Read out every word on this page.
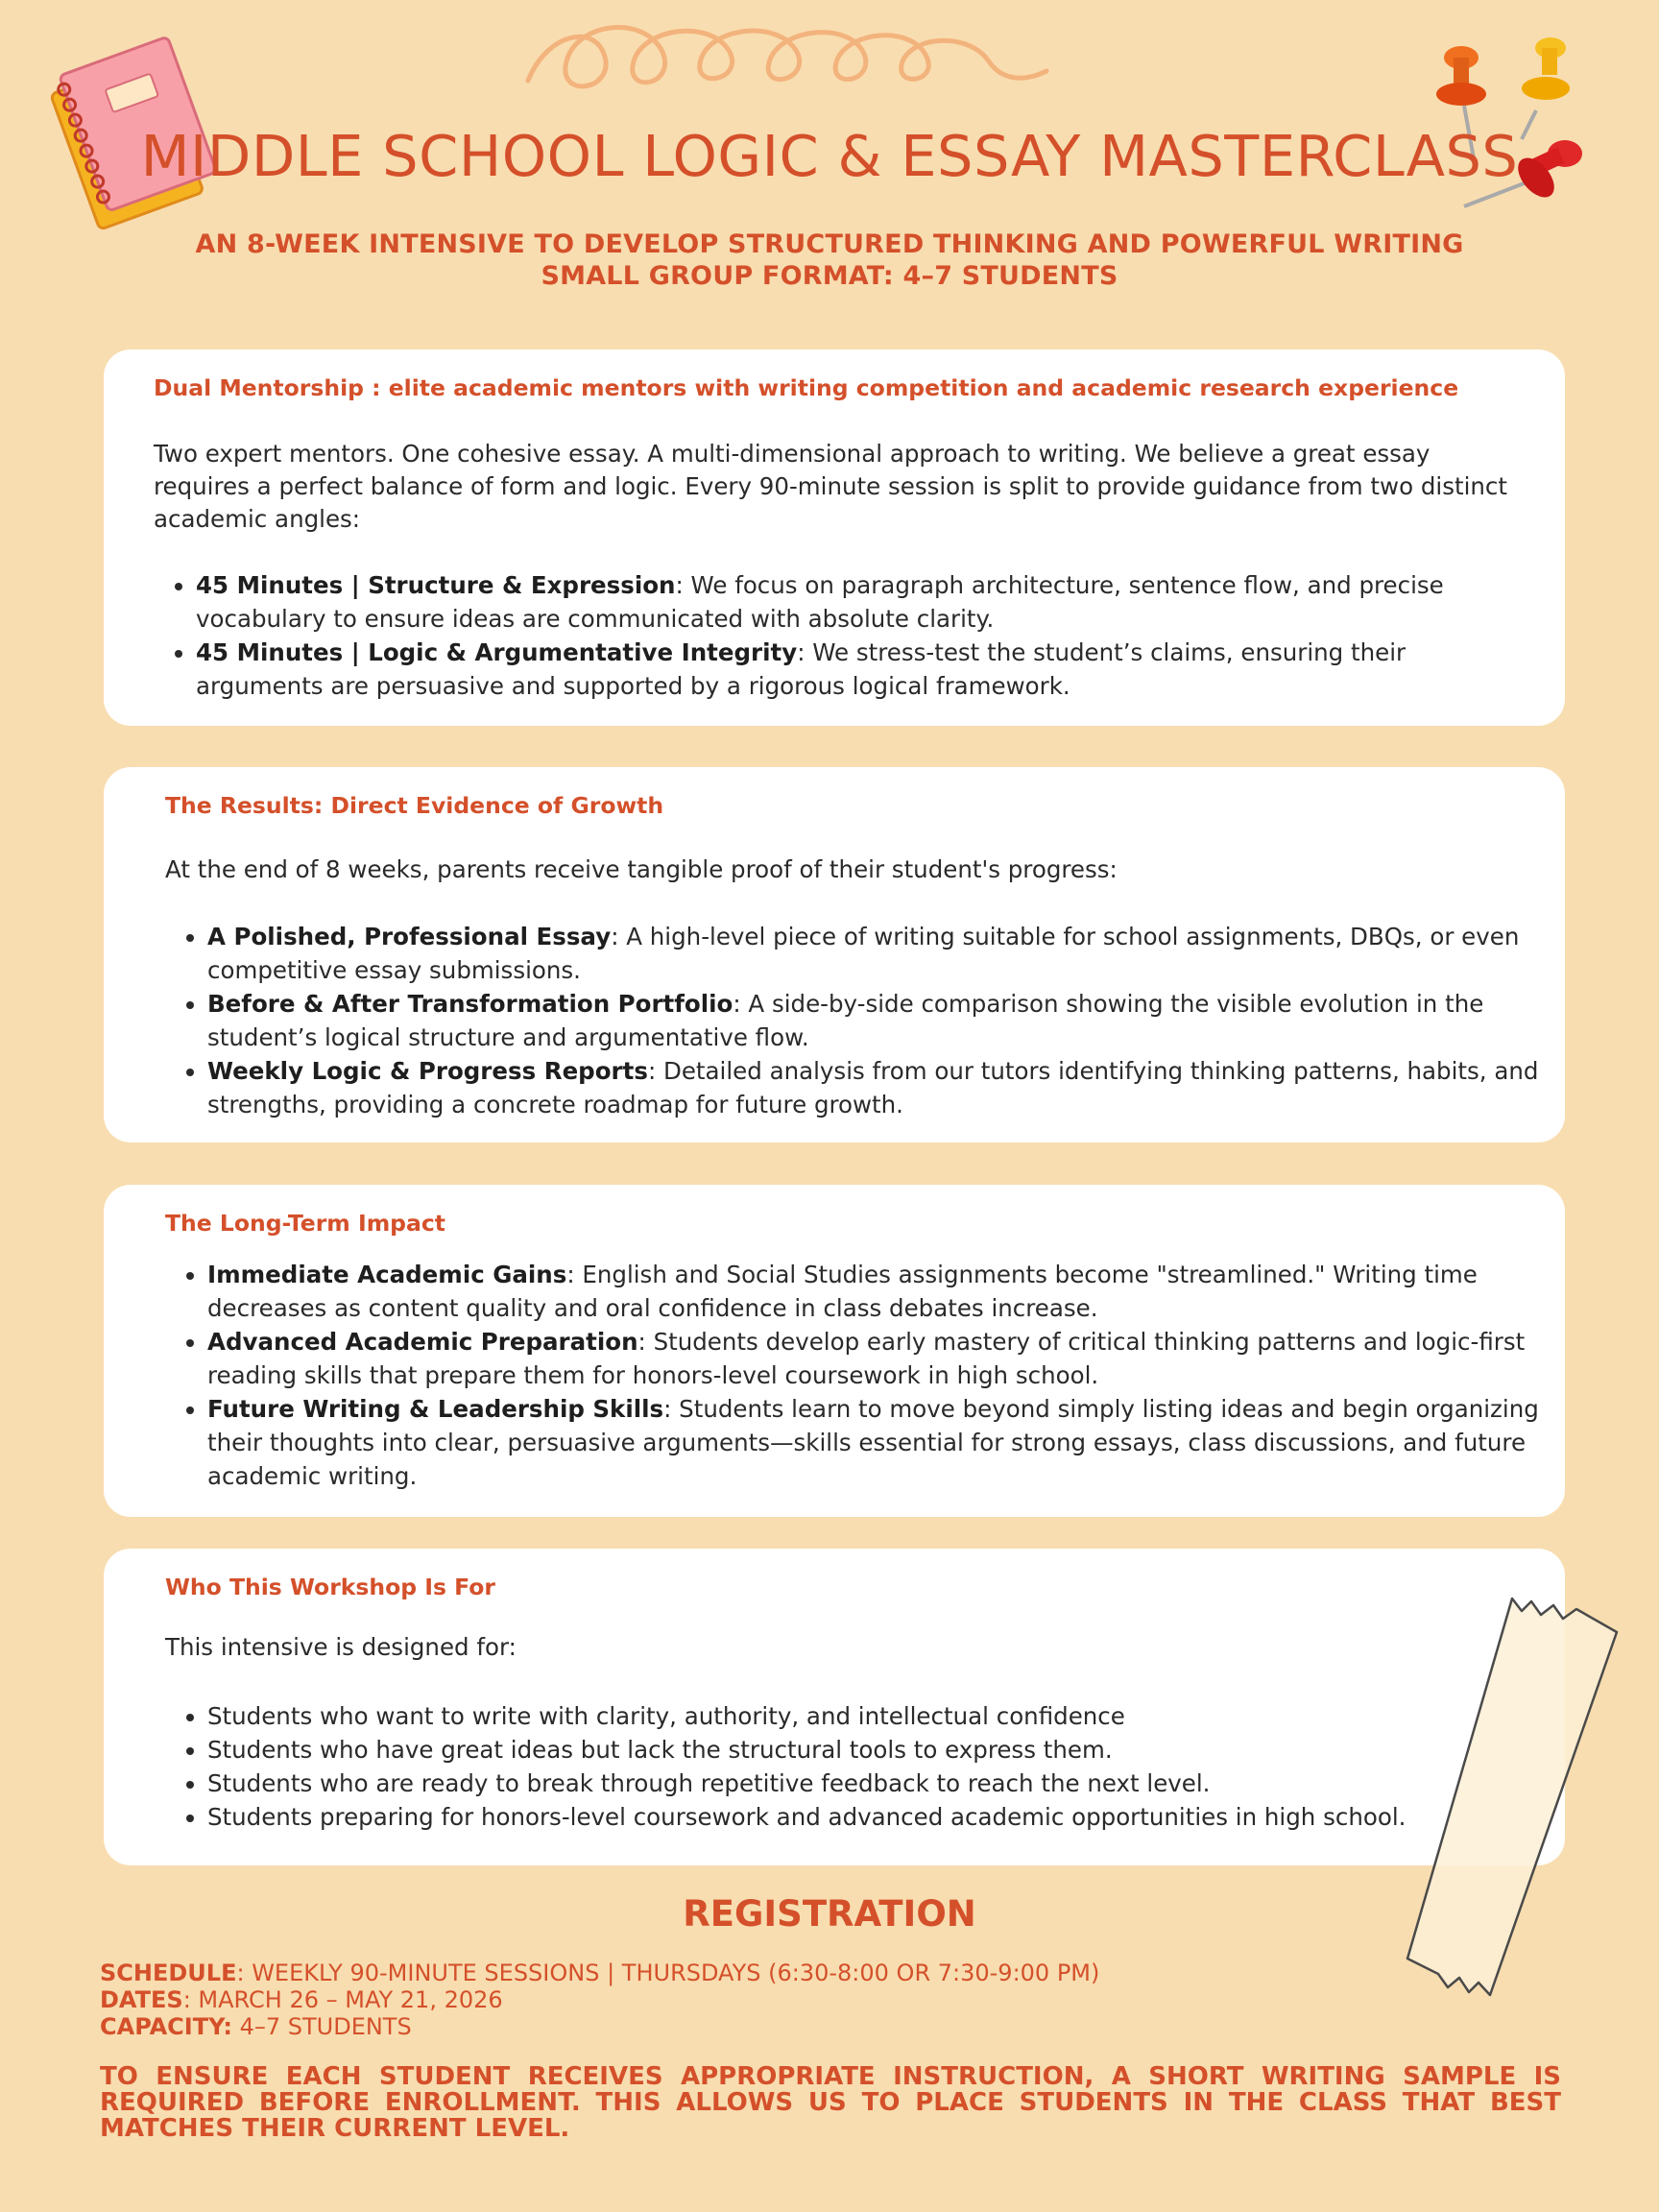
MIDDLE SCHOOL LOGIC & ESSAY MASTERCLASS
AN 8-WEEK INTENSIVE TO DEVELOP STRUCTURED THINKING AND POWERFUL WRITING
SMALL GROUP FORMAT: 4–7 STUDENTS
Dual Mentorship : elite academic mentors with writing competition and academic research experience

Two expert mentors. One cohesive essay. A multi-dimensional approach to writing. We believe a great essay requires a perfect balance of form and logic. Every 90-minute session is split to provide guidance from two distinct academic angles:

• 45 Minutes | Structure & Expression: We focus on paragraph architecture, sentence flow, and precise vocabulary to ensure ideas are communicated with absolute clarity.
• 45 Minutes | Logic & Argumentative Integrity: We stress-test the student’s claims, ensuring their arguments are persuasive and supported by a rigorous logical framework.
The Results: Direct Evidence of Growth

At the end of 8 weeks, parents receive tangible proof of their student's progress:

• A Polished, Professional Essay: A high-level piece of writing suitable for school assignments, DBQs, or even competitive essay submissions.
• Before & After Transformation Portfolio: A side-by-side comparison showing the visible evolution in the student’s logical structure and argumentative flow.
• Weekly Logic & Progress Reports: Detailed analysis from our tutors identifying thinking patterns, habits, and strengths, providing a concrete roadmap for future growth.
The Long-Term Impact
• Immediate Academic Gains: English and Social Studies assignments become "streamlined." Writing time decreases as content quality and oral confidence in class debates increase.
• Advanced Academic Preparation: Students develop early mastery of critical thinking patterns and logic-first reading skills that prepare them for honors-level coursework in high school.
• Future Writing & Leadership Skills: Students learn to move beyond simply listing ideas and begin organizing their thoughts into clear, persuasive arguments—skills essential for strong essays, class discussions, and future academic writing.
Who This Workshop Is For

This intensive is designed for:

• Students who want to write with clarity, authority, and intellectual confidence
• Students who have great ideas but lack the structural tools to express them.
• Students who are ready to break through repetitive feedback to reach the next level.
• Students preparing for honors-level coursework and advanced academic opportunities in high school.
REGISTRATION
SCHEDULE: WEEKLY 90-MINUTE SESSIONS | THURSDAYS (6:30-8:00 OR 7:30-9:00 PM)
DATES: MARCH 26 – MAY 21, 2026
CAPACITY: 4–7 STUDENTS
TO ENSURE EACH STUDENT RECEIVES APPROPRIATE INSTRUCTION, A SHORT WRITING SAMPLE IS REQUIRED BEFORE ENROLLMENT. THIS ALLOWS US TO PLACE STUDENTS IN THE CLASS THAT BEST MATCHES THEIR CURRENT LEVEL.
